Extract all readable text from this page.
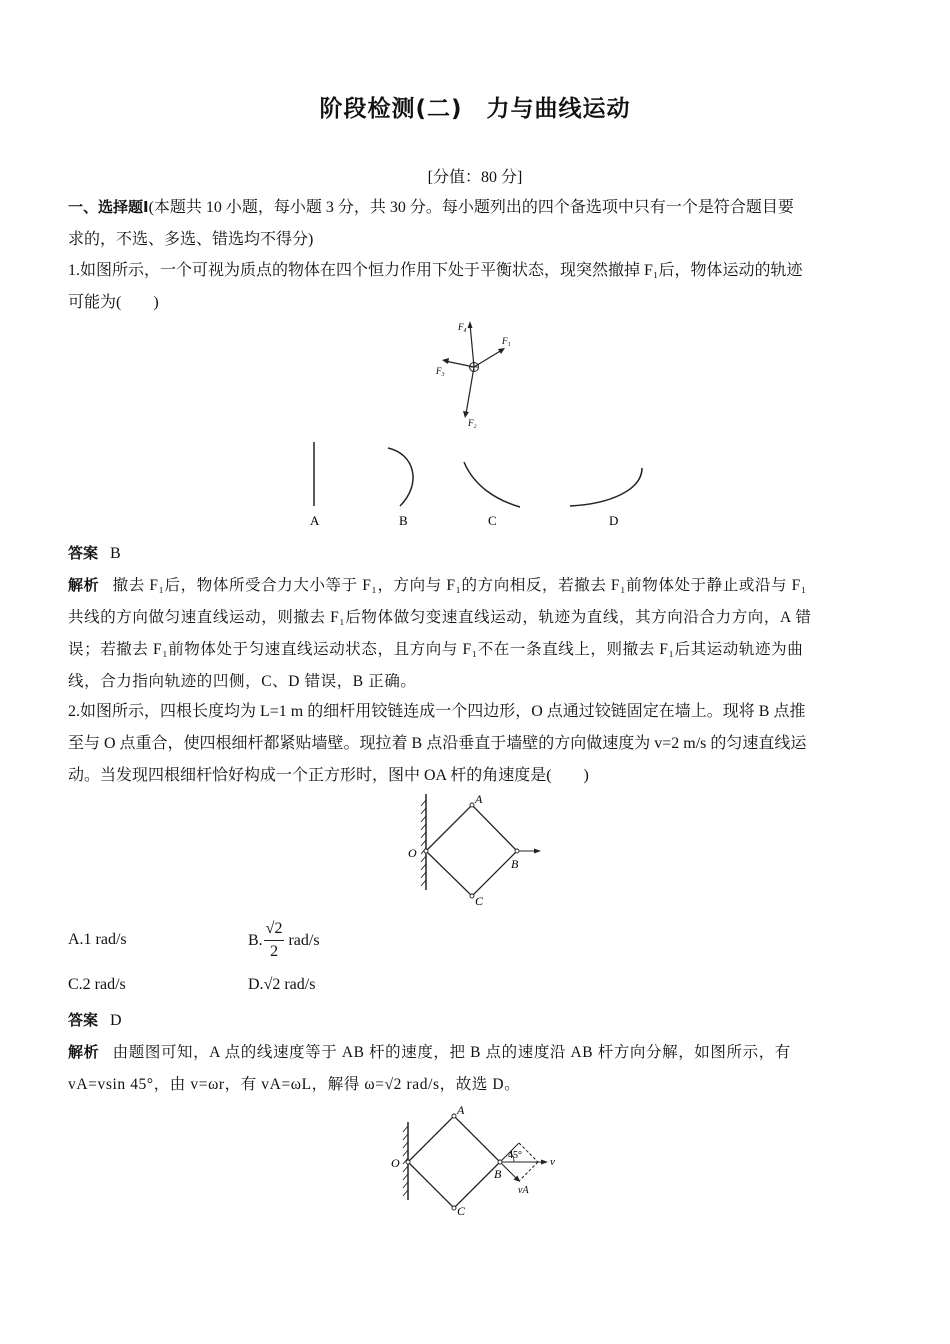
阶段检测(二)　力与曲线运动
[分值：80 分]

一、选择题Ⅰ(本题共 10 小题，每小题 3 分，共 30 分。每小题列出的四个备选项中只有一个是符合题目要
求的，不选、多选、错选均不得分)

1.如图所示，一个可视为质点的物体在四个恒力作用下处于平衡状态，现突然撤掉 F₁后，物体运动的轨迹
可能为(　　)

F₄
F₁
F₃
F₂
A	B	C	D
答案 B

解析 撤去 F₁后，物体所受合力大小等于 F₁，方向与 F₁的方向相反，若撤去 F₁前物体处于静止或沿与 F₁
共线的方向做匀速直线运动，则撤去 F₁后物体做匀变速直线运动，轨迹为直线，其方向沿合力方向，A 错
误；若撤去 F₁前物体处于匀速直线运动状态，且方向与 F₁不在一条直线上，则撤去 F₁后其运动轨迹为曲
线，合力指向轨迹的凹侧，C、D 错误，B 正确。

2.如图所示，四根长度均为 L=1 m 的细杆用铰链连成一个四边形，O 点通过铰链固定在墙上。现将 B 点推
至与 O 点重合，使四根细杆都紧贴墙壁。现拉着 B 点沿垂直于墙壁的方向做速度为 v=2 m/s 的匀速直线运
动。当发现四根细杆恰好构成一个正方形时，图中 OA 杆的角速度是(　　)

A
O
B
C
A.1 rad/s	B. $\frac{√2}{2} rad/s$
C.2 rad/s	D.√2 rad/s
答案 D

解析 由题图可知，A 点的线速度等于 AB 杆的速度，把 B 点的速度沿 AB 杆方向分解，如图所示，有
vA=vsin 45°，由 v=ωr，有 vA=ωL，解得 ω=√2 rad/s，故选 D。

A
O
B
C
45°
v
vA
